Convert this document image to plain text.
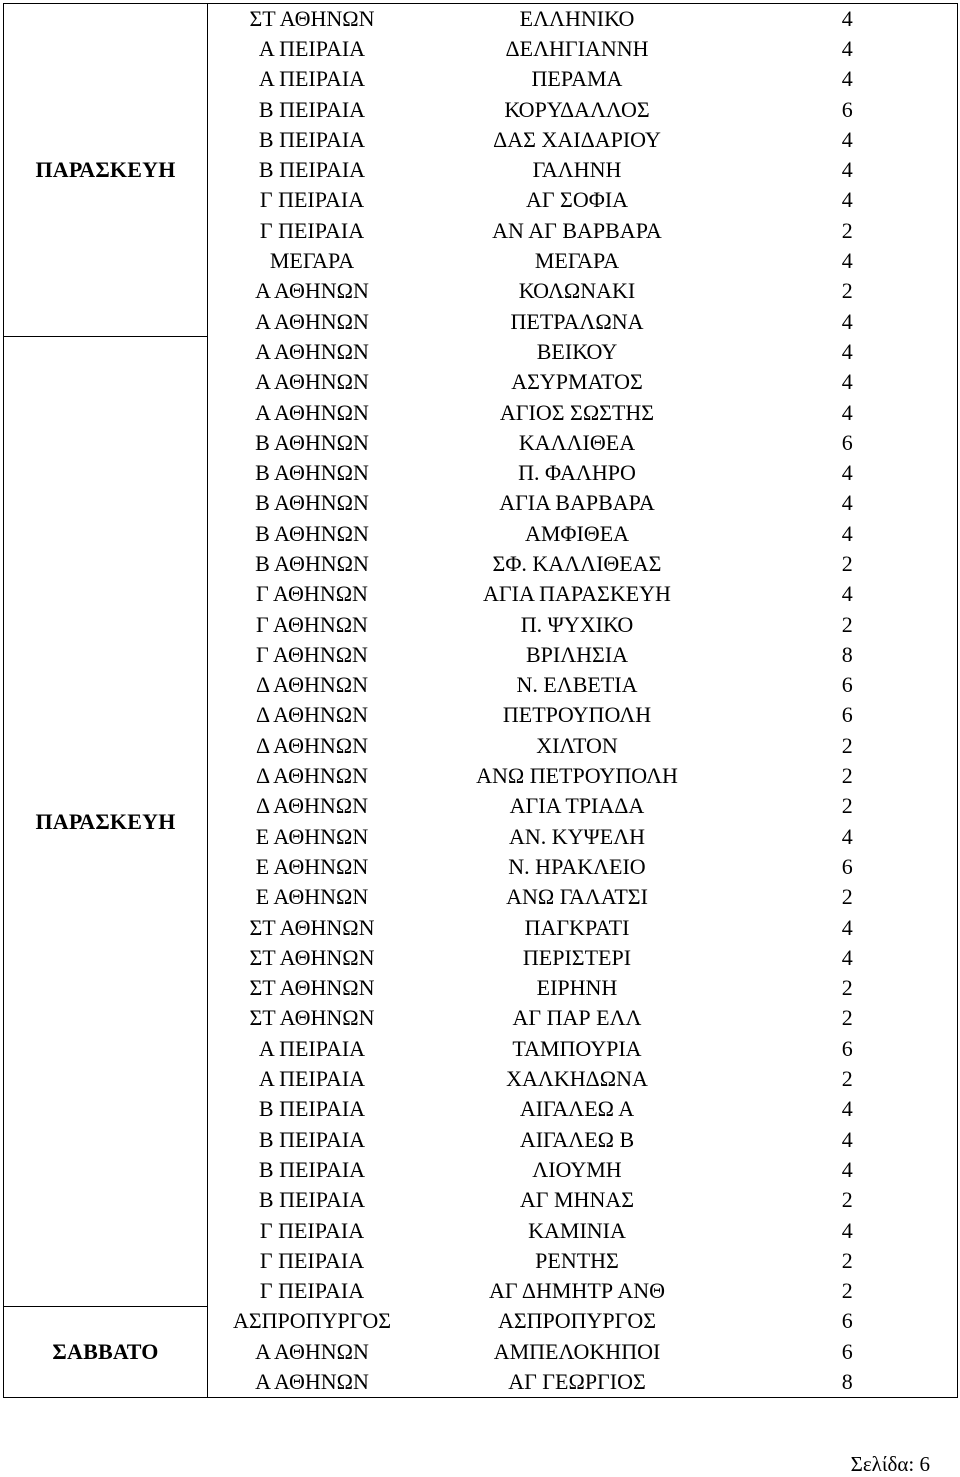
ΠΑΡΑΣΚΕΥΗ	ΣΤ ΑΘΗΝΩΝ	ΕΛΛΗΝΙΚΟ	4
	Α ΠΕΙΡΑΙΑ	ΔΕΛΗΓΙΑΝΝΗ	4
	Α ΠΕΙΡΑΙΑ	ΠΕΡΑΜΑ	4
	Β ΠΕΙΡΑΙΑ	ΚΟΡΥΔΑΛΛΟΣ	6
	Β ΠΕΙΡΑΙΑ	ΔΑΣ ΧΑΙΔΑΡΙΟΥ	4
	Β ΠΕΙΡΑΙΑ	ΓΑΛΗΝΗ	4
	Γ ΠΕΙΡΑΙΑ	ΑΓ ΣΟΦΙΑ	4
	Γ ΠΕΙΡΑΙΑ	ΑΝ ΑΓ ΒΑΡΒΑΡΑ	2
	ΜΕΓΑΡΑ	ΜΕΓΑΡΑ	4
	Α ΑΘΗΝΩΝ	ΚΟΛΩΝΑΚΙ	2
	Α ΑΘΗΝΩΝ	ΠΕΤΡΑΛΩΝΑ	4
ΠΑΡΑΣΚΕΥΗ	Α ΑΘΗΝΩΝ	ΒΕΙΚΟΥ	4
	Α ΑΘΗΝΩΝ	ΑΣΥΡΜΑΤΟΣ	4
	Α ΑΘΗΝΩΝ	ΑΓΙΟΣ ΣΩΣΤΗΣ	4
	Β ΑΘΗΝΩΝ	ΚΑΛΛΙΘΕΑ	6
	Β ΑΘΗΝΩΝ	Π. ΦΑΛΗΡΟ	4
	Β ΑΘΗΝΩΝ	ΑΓΙΑ ΒΑΡΒΑΡΑ	4
	Β ΑΘΗΝΩΝ	ΑΜΦΙΘΕΑ	4
	Β ΑΘΗΝΩΝ	ΣΦ. ΚΑΛΛΙΘΕΑΣ	2
	Γ ΑΘΗΝΩΝ	ΑΓΙΑ ΠΑΡΑΣΚΕΥΗ	4
	Γ ΑΘΗΝΩΝ	Π. ΨΥΧΙΚΟ	2
	Γ ΑΘΗΝΩΝ	ΒΡΙΛΗΣΙΑ	8
	Δ ΑΘΗΝΩΝ	Ν. ΕΛΒΕΤΙΑ	6
	Δ ΑΘΗΝΩΝ	ΠΕΤΡΟΥΠΟΛΗ	6
	Δ ΑΘΗΝΩΝ	ΧΙΛΤΟΝ	2
	Δ ΑΘΗΝΩΝ	ΑΝΩ ΠΕΤΡΟΥΠΟΛΗ	2
	Δ ΑΘΗΝΩΝ	ΑΓΙΑ ΤΡΙΑΔΑ	2
	Ε ΑΘΗΝΩΝ	ΑΝ. ΚΥΨΕΛΗ	4
	Ε ΑΘΗΝΩΝ	Ν. ΗΡΑΚΛΕΙΟ	6
	Ε ΑΘΗΝΩΝ	ΑΝΩ ΓΑΛΑΤΣΙ	2
	ΣΤ ΑΘΗΝΩΝ	ΠΑΓΚΡΑΤΙ	4
	ΣΤ ΑΘΗΝΩΝ	ΠΕΡΙΣΤΕΡΙ	4
	ΣΤ ΑΘΗΝΩΝ	ΕΙΡΗΝΗ	2
	ΣΤ ΑΘΗΝΩΝ	ΑΓ ΠΑΡ ΕΛΛ	2
	Α ΠΕΙΡΑΙΑ	ΤΑΜΠΟΥΡΙΑ	6
	Α ΠΕΙΡΑΙΑ	ΧΑΛΚΗΔΩΝΑ	2
	Β ΠΕΙΡΑΙΑ	ΑΙΓΑΛΕΩ Α	4
	Β ΠΕΙΡΑΙΑ	ΑΙΓΑΛΕΩ Β	4
	Β ΠΕΙΡΑΙΑ	ΛΙΟΥΜΗ	4
	Β ΠΕΙΡΑΙΑ	ΑΓ ΜΗΝΑΣ	2
	Γ ΠΕΙΡΑΙΑ	ΚΑΜΙΝΙΑ	4
	Γ ΠΕΙΡΑΙΑ	ΡΕΝΤΗΣ	2
	Γ ΠΕΙΡΑΙΑ	ΑΓ ΔΗΜΗΤΡ ΑΝΘ	2
ΣΑΒΒΑΤΟ	ΑΣΠΡΟΠΥΡΓΟΣ	ΑΣΠΡΟΠΥΡΓΟΣ	6
	Α ΑΘΗΝΩΝ	ΑΜΠΕΛΟΚΗΠΟΙ	6
	Α ΑΘΗΝΩΝ	ΑΓ ΓΕΩΡΓΙΟΣ	8
Σελίδα: 6
